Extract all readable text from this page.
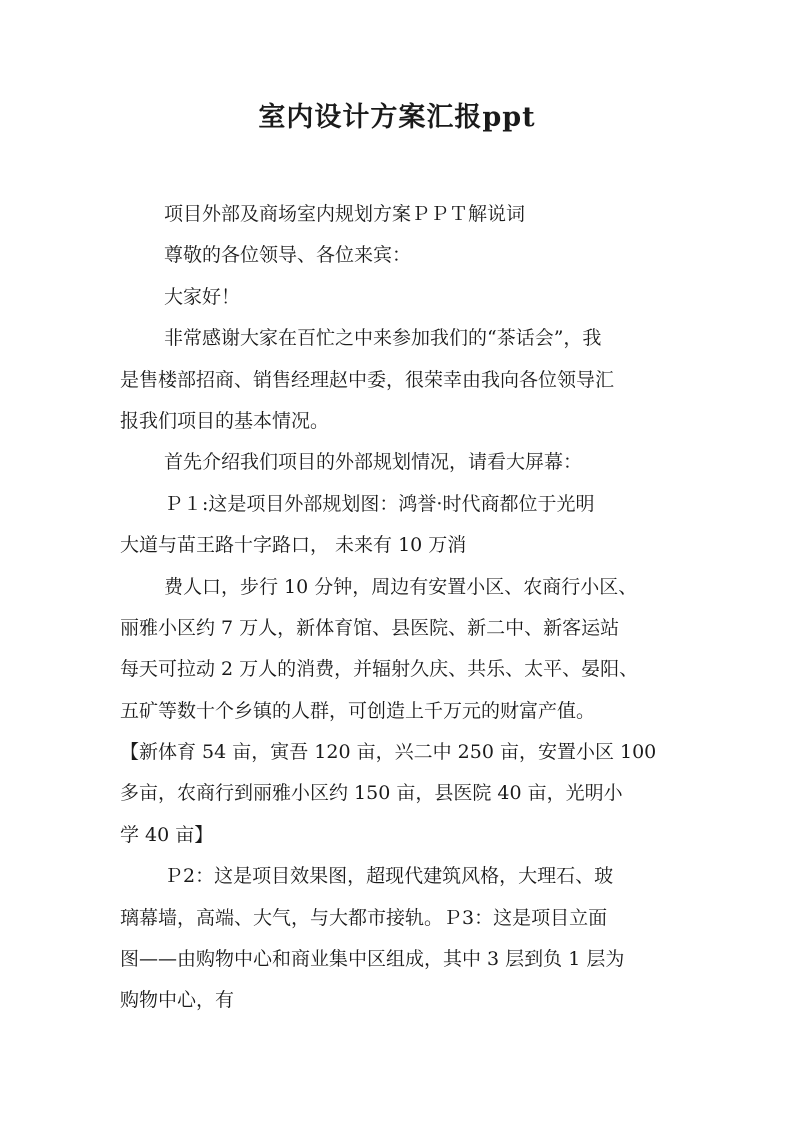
室内设计方案汇报ppt
项目外部及商场室内规划方案ＰＰＴ解说词
尊敬的各位领导、各位来宾：
大家好！
非常感谢大家在百忙之中来参加我们的“茶话会”，我
是售楼部招商、销售经理赵中委，很荣幸由我向各位领导汇
报我们项目的基本情况。
首先介绍我们项目的外部规划情况，请看大屏幕：
Ｐ１:这是项目外部规划图：鸿誉·时代商都位于光明
大道与苗王路十字路口， 未来有 10 万消
费人口，步行 10 分钟，周边有安置小区、农商行小区、
丽雅小区约 7 万人，新体育馆、县医院、新二中、新客运站
每天可拉动 2 万人的消费，并辐射久庆、共乐、太平、晏阳、
五矿等数十个乡镇的人群，可创造上千万元的财富产值。
【新体育 54 亩，寅吾 120 亩，兴二中 250 亩，安置小区 100
多亩，农商行到丽雅小区约 150 亩，县医院 40 亩，光明小
学 40 亩】
Ｐ2：这是项目效果图，超现代建筑风格，大理石、玻
璃幕墙，高端、大气，与大都市接轨。Ｐ3：这是项目立面
图——由购物中心和商业集中区组成，其中 3 层到负 1 层为
购物中心，有
